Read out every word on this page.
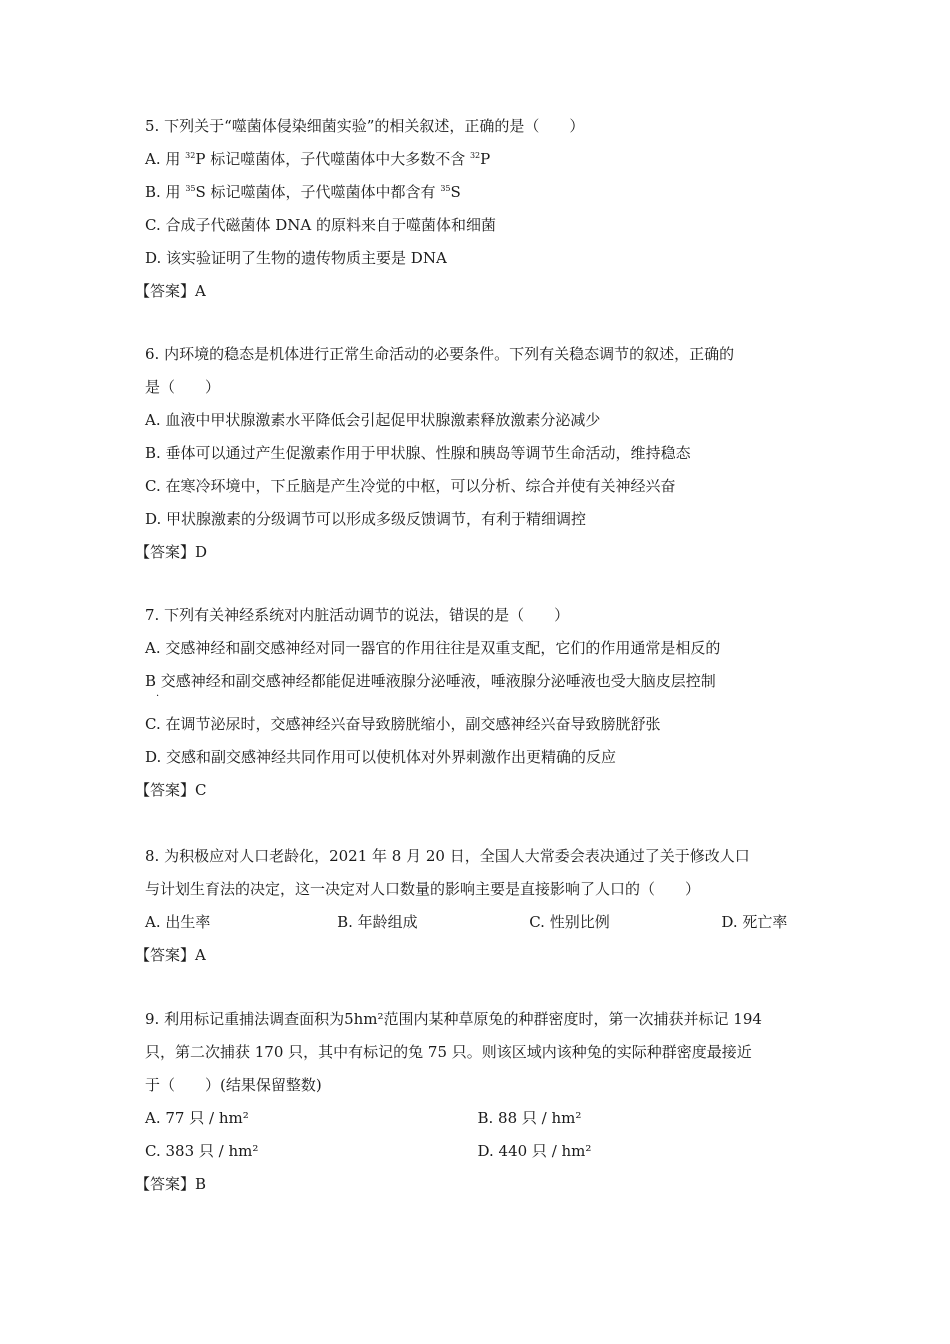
5. 下列关于“噬菌体侵染细菌实验”的相关叙述，正确的是（　　）
A. 用 $^{32}$P 标记噬菌体，子代噬菌体中大多数不含 $^{32}$P
B. 用 $^{35}$S 标记噬菌体，子代噬菌体中都含有 $^{35}$S
C. 合成子代磁菌体 DNA 的原料来自于噬菌体和细菌
D. 该实验证明了生物的遗传物质主要是 DNA
【答案】A
6. 内环境的稳态是机体进行正常生命活动的必要条件。下列有关稳态调节的叙述，正确的
是（　　）
A. 血液中甲状腺激素水平降低会引起促甲状腺激素释放激素分泌减少
B. 垂体可以通过产生促激素作用于甲状腺、性腺和胰岛等调节生命活动，维持稳态
C. 在寒冷环境中，下丘脑是产生冷觉的中枢，可以分析、综合并使有关神经兴奋
D. 甲状腺激素的分级调节可以形成多级反馈调节，有利于精细调控
【答案】D
7. 下列有关神经系统对内脏活动调节的说法，错误的是（　　）
A. 交感神经和副交感神经对同一器官的作用往往是双重支配，它们的作用通常是相反的
B 交感神经和副交感神经都能促进唾液腺分泌唾液，唾液腺分泌唾液也受大脑皮层控制
C. 在调节泌尿时，交感神经兴奋导致膀胱缩小，副交感神经兴奋导致膀胱舒张
D. 交感和副交感神经共同作用可以使机体对外界刺激作出更精确的反应
【答案】C
·
8. 为积极应对人口老龄化，2021 年 8 月 20 日，全国人大常委会表决通过了关于修改人口
与计划生育法的决定，这一决定对人口数量的影响主要是直接影响了人口的（　　）
A. 出生率	B. 年龄组成	C. 性别比例	D. 死亡率
【答案】A
9. 利用标记重捕法调查面积为5hm²范围内某种草原兔的种群密度时，第一次捕获并标记 194
只，第二次捕获 170 只，其中有标记的兔 75 只。则该区域内该种兔的实际种群密度最接近
于（　　）(结果保留整数)
A. 77 只 / hm²	B. 88 只 / hm²
C. 383 只 / hm²	D. 440 只 / hm²
【答案】B
